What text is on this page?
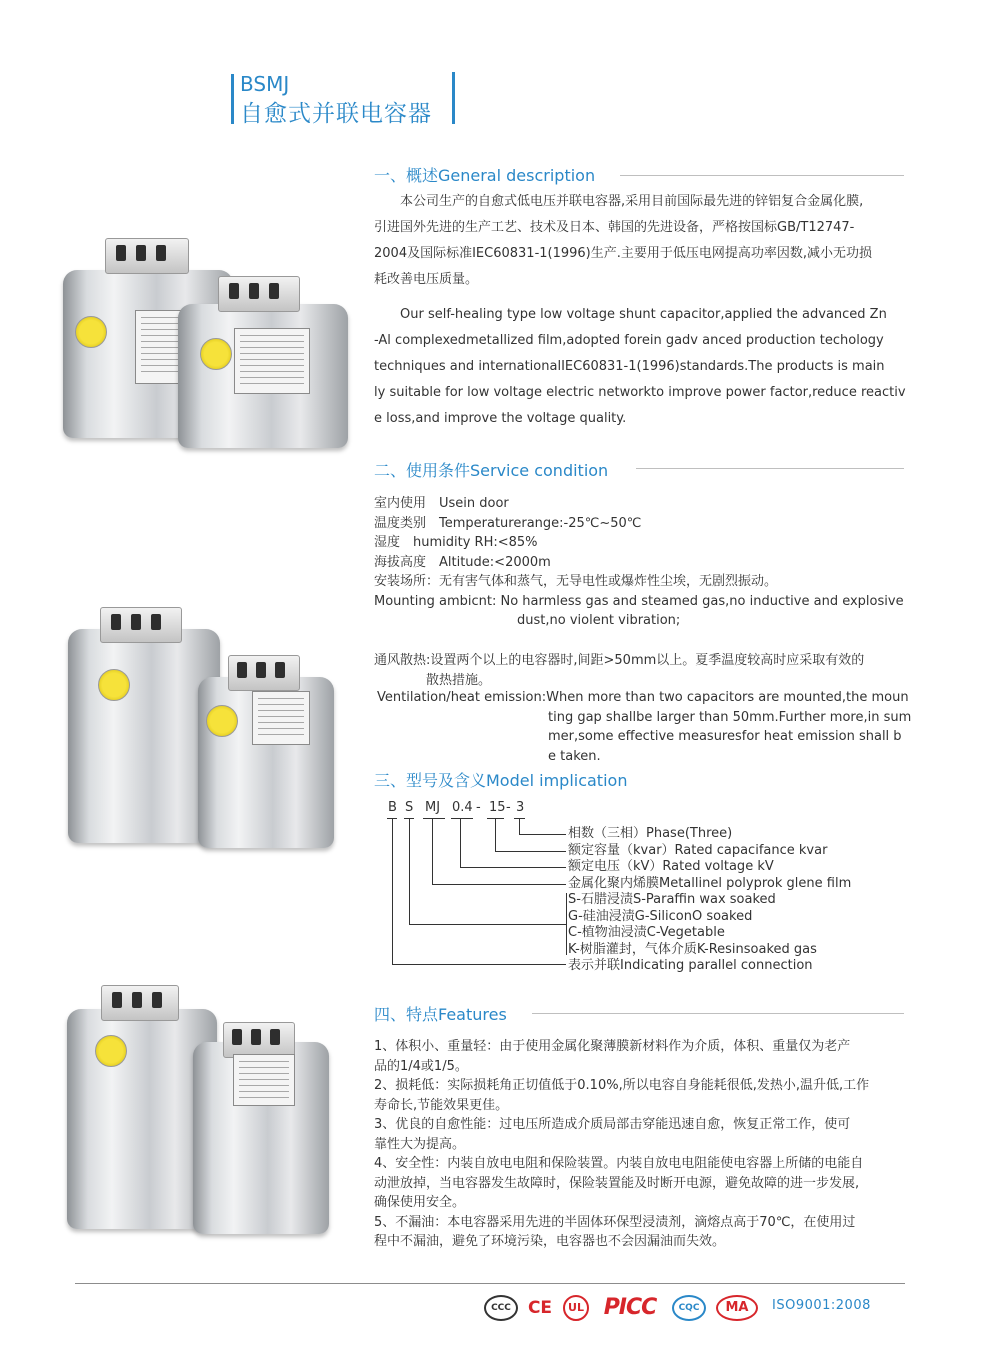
BSMJ
自愈式并联电容器
一、概述General description
　　本公司生产的自愈式低电压并联电容器,采用目前国际最先进的锌铝复合金属化膜,
引进国外先进的生产工艺、技术及日本、韩国的先进设备，严格按国标GB/T12747-
2004及国际标准IEC60831-1(1996)生产.主要用于低压电网提高功率因数,减小无功损
耗改善电压质量。
　　Our self-healing type low voltage shunt capacitor,applied the advanced Zn
-Al complexedmetallized film,adopted forein gadv anced production techology
techniques and internationalIEC60831-1(1996)standards.The products is main
ly suitable for low voltage electric networkto improve power factor,reduce reactiv
e loss,and improve the voltage quality.
二、使用条件Service condition
室内使用　Usein door
温度类别　Temperaturerange:-25℃~50℃
湿度　humidity RH:<85%
海拔高度　Altitude:<2000m
安装场所：无有害气体和蒸气，无导电性或爆炸性尘埃，无剧烈振动。
Mounting ambicnt: No harmless gas and steamed gas,no inductive and explosive
　　　　　　　　　　　dust,no violent vibration;
通风散热:设置两个以上的电容器时,间距>50mm以上。夏季温度较高时应采取有效的
　　　　散热措施。
Ventilation/heat emission:When more than two capacitors are mounted,the moun
ting gap shallbe larger than 50mm.Further more,in sum
mer,some effective measuresfor heat emission shall b
e taken.
三、型号及含义Model implication
B S MJ 0.4 - 15 - 3
相数（三相）Phase(Three)
额定容量（kvar）Rated capacifance kvar
额定电压（kV）Rated voltage kV
金属化聚内烯膜Metallinel polyprok glene film
S-石腊浸渍S-Paraffin wax soaked
G-硅油浸渍G-SiliconO soaked
C-植物油浸渍C-Vegetable
K-树脂灌封，气体介质K-Resinsoaked gas
表示并联Indicating parallel connection
四、特点Features
1、体积小、重量轻：由于使用金属化聚薄膜新材料作为介质，体积、重量仅为老产
品的1/4或1/5。
2、损耗低：实际损耗角正切值低于0.10%,所以电容自身能耗很低,发热小,温升低,工作
寿命长,节能效果更佳。
3、优良的自愈性能：过电压所造成介质局部击穿能迅速自愈，恢复正常工作，使可
靠性大为提高。
4、安全性：内装自放电电阻和保险装置。内装自放电电阻能使电容器上所储的电能自
动泄放掉，当电容器发生故障时，保险装置能及时断开电源，避免故障的进一步发展,
确保使用安全。
5、不漏油：本电容器采用先进的半固体环保型浸渍剂，滴熔点高于70℃，在使用过
程中不漏油，避免了环境污染，电容器也不会因漏油而失效。
CCC	CE	UL PICC	CQC	MA	ISO9001:2008
